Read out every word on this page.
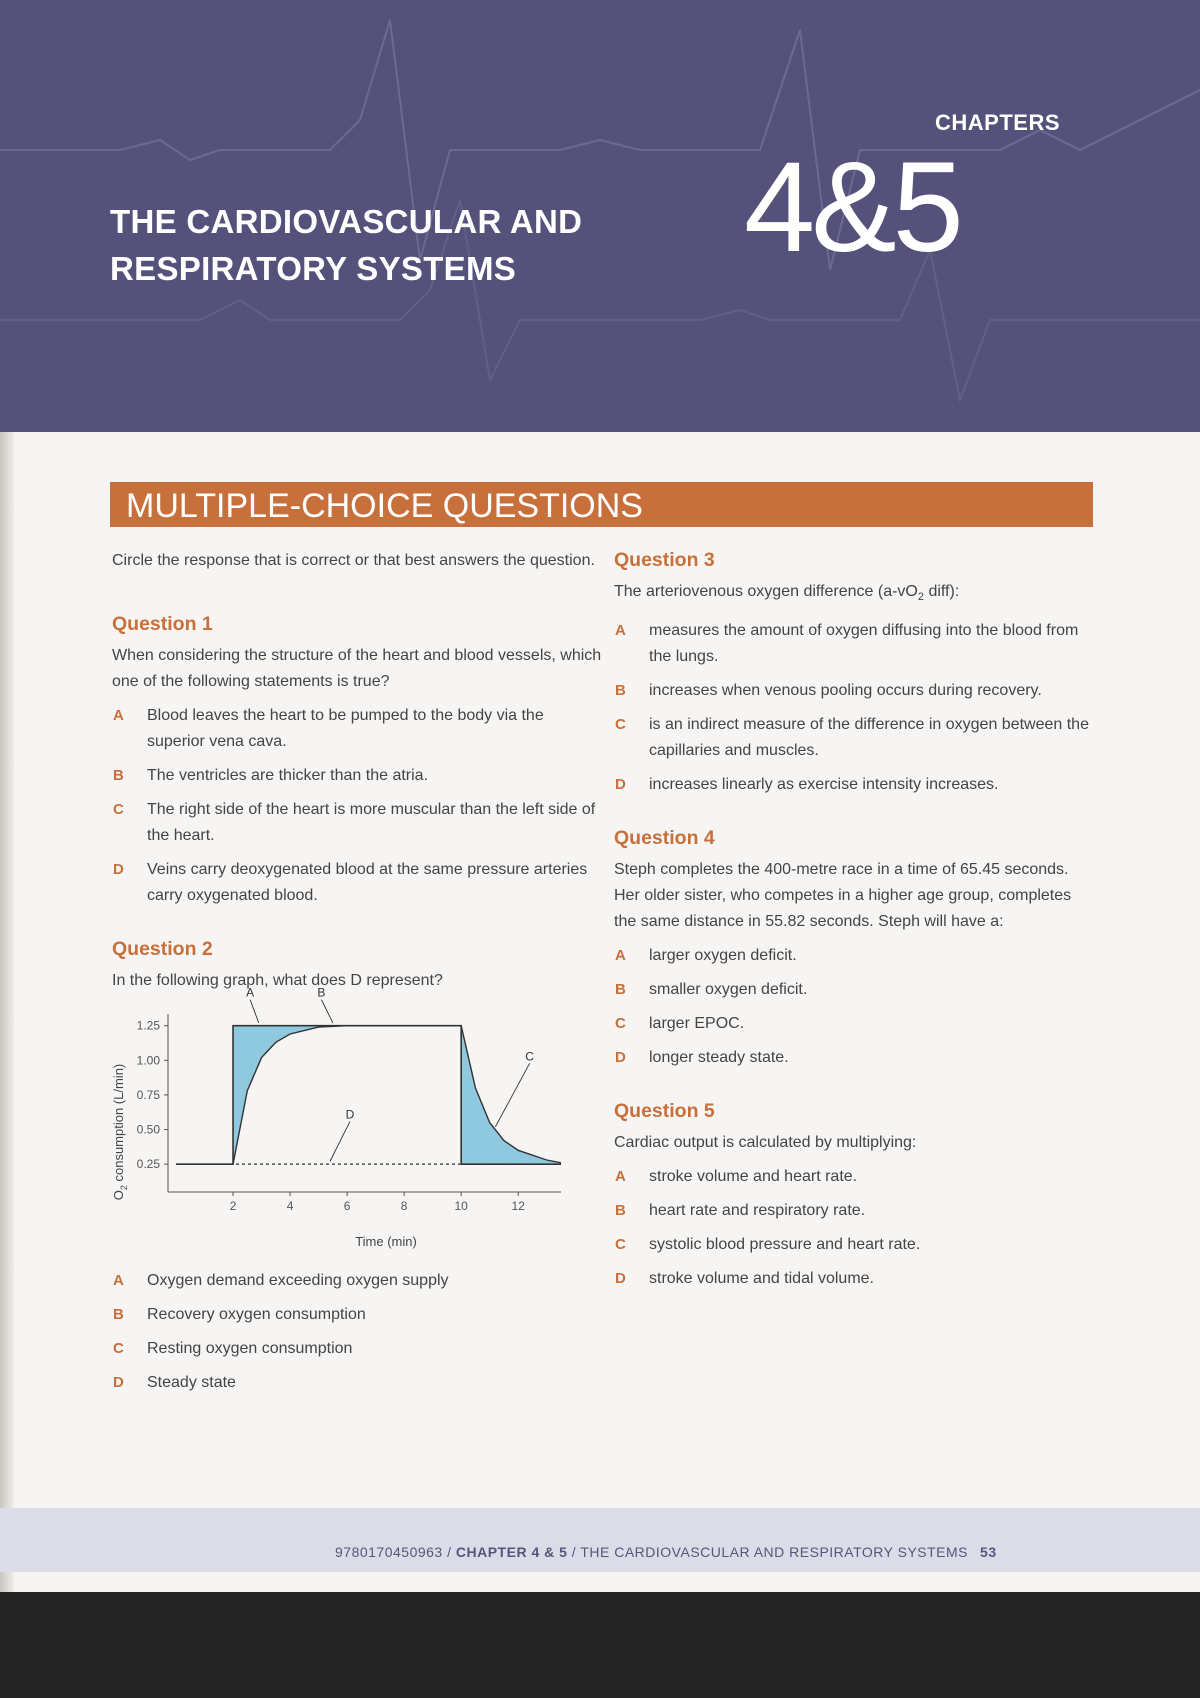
THE CARDIOVASCULAR AND
RESPIRATORY SYSTEMS
CHAPTERS
4&5
MULTIPLE-CHOICE QUESTIONS

Circle the response that is correct or that best answers the question.

Question 1

When considering the structure of the heart and blood vessels, which one of the following statements is true?

A Blood leaves the heart to be pumped to the body via the superior vena cava.
B The ventricles are thicker than the atria.
C The right side of the heart is more muscular than the left side of the heart.
D Veins carry deoxygenated blood at the same pressure arteries carry oxygenated blood.

Question 2

In the following graph, what does D represent?

1.25
1.00
0.75
0.50
0.25
2	4	6	8	10	12
A	B
C
D
$O_2$ consumption (L/min)
Time (min)
A Oxygen demand exceeding oxygen supply
B Recovery oxygen consumption
C Resting oxygen consumption
D Steady state

Question 3

The arteriovenous oxygen difference ($a-vO_2$ diff):

A measures the amount of oxygen diffusing into the blood from the lungs.
B increases when venous pooling occurs during recovery.
C is an indirect measure of the difference in oxygen between the capillaries and muscles.
D increases linearly as exercise intensity increases.

Question 4

Steph completes the 400-metre race in a time of 65.45 seconds. Her older sister, who competes in a higher age group, completes the same distance in 55.82 seconds. Steph will have a:

A larger oxygen deficit.
B smaller oxygen deficit.
C larger EPOC.
D longer steady state.

Question 5

Cardiac output is calculated by multiplying:

A stroke volume and heart rate.
B heart rate and respiratory rate.
C systolic blood pressure and heart rate.
D stroke volume and tidal volume.
9780170450963 / CHAPTER 4 & 5 / THE CARDIOVASCULAR AND RESPIRATORY SYSTEMS 53
